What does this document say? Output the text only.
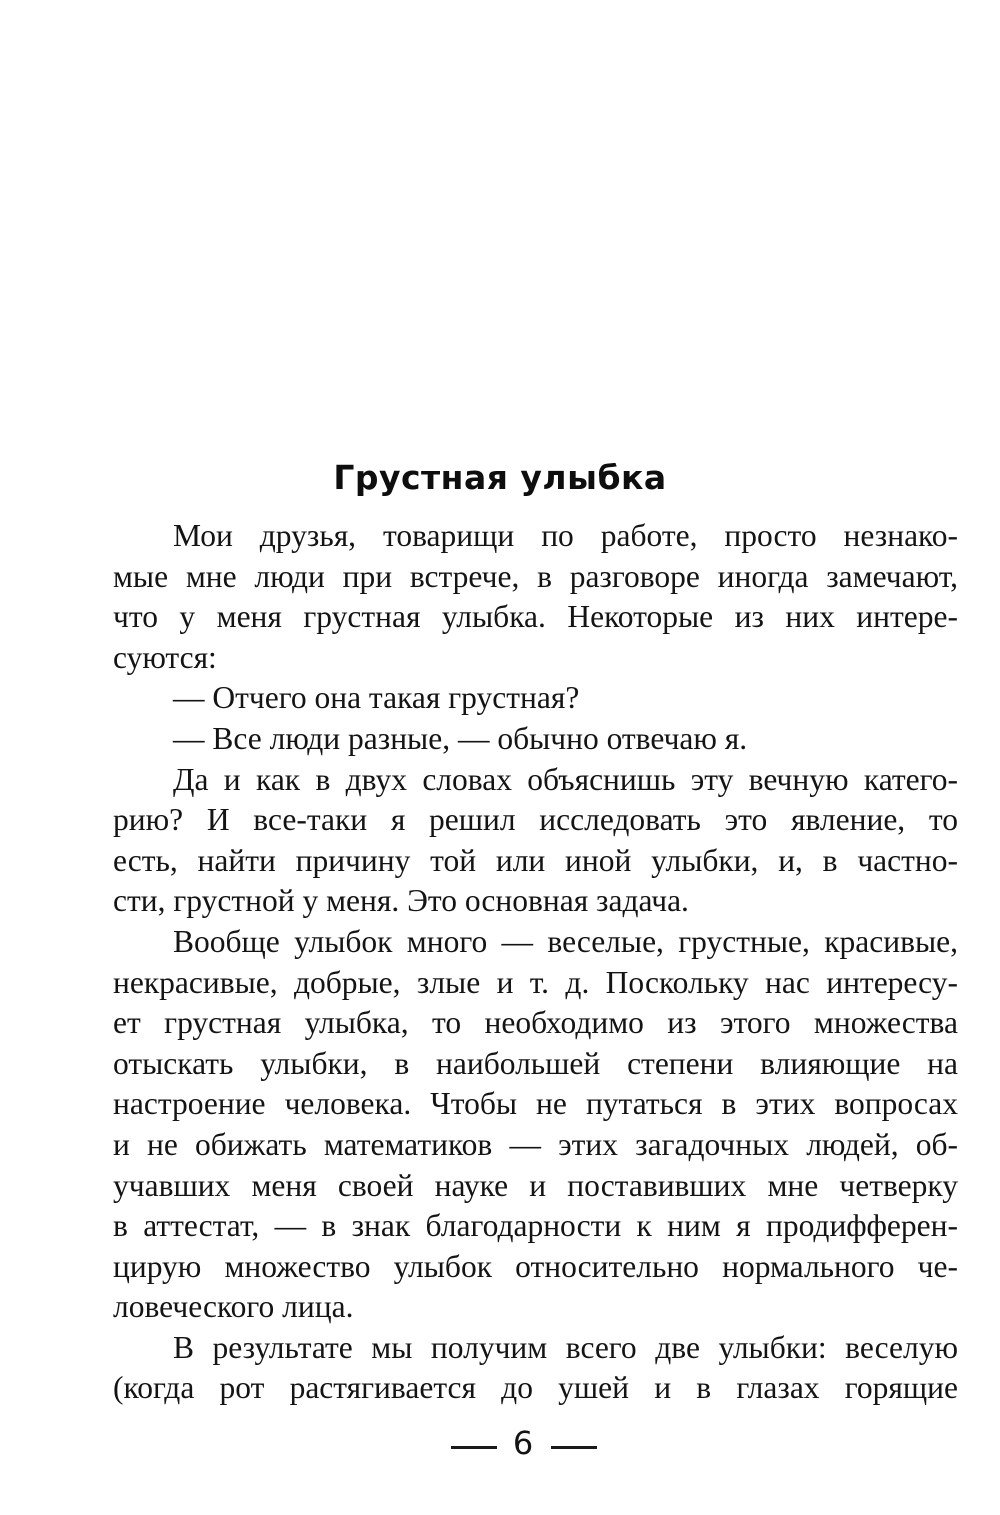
Грустная улыбка
Мои друзья, товарищи по работе, просто незнако-
мые мне люди при встрече, в разговоре иногда замечают,
что у меня грустная улыбка. Некоторые из них интере-
суются:
— Отчего она такая грустная?
— Все люди разные, — обычно отвечаю я.
Да и как в двух словах объяснишь эту вечную катего-
рию? И все-таки я решил исследовать это явление, то
есть, найти причину той или иной улыбки, и, в частно-
сти, грустной у меня. Это основная задача.
Вообще улыбок много — веселые, грустные, красивые,
некрасивые, добрые, злые и т. д. Поскольку нас интересу-
ет грустная улыбка, то необходимо из этого множества
отыскать улыбки, в наибольшей степени влияющие на
настроение человека. Чтобы не путаться в этих вопросах
и не обижать математиков — этих загадочных людей, об-
учавших меня своей науке и поставивших мне четверку
в аттестат, — в знак благодарности к ним я продифферен-
цирую множество улыбок относительно нормального че-
ловеческого лица.
В результате мы получим всего две улыбки: веселую
(когда рот растягивается до ушей и в глазах горящие
6
